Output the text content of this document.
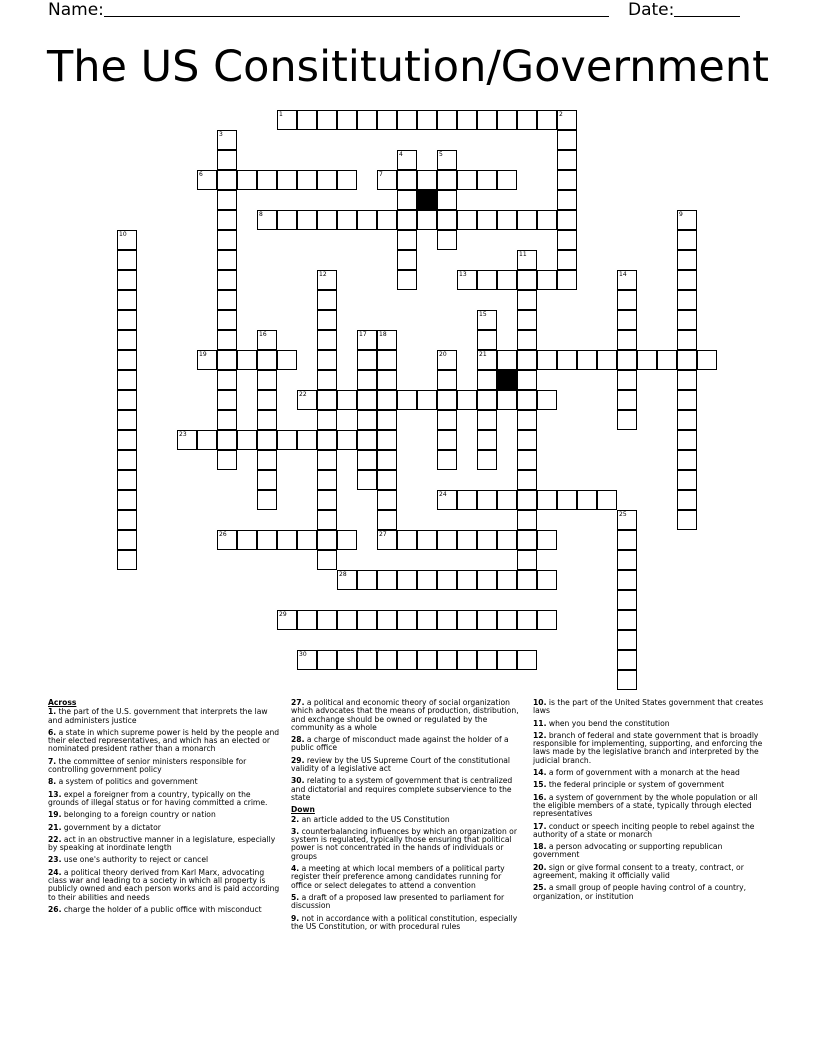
Name:	Date:
The US Consititution/Government
1	2
3
4	5
6	7
8	9
10
11
12	13	14
15
21
16	17 18
27
19	20
22
23
24
25
26
28
29
30
Across
1. the part of the U.S. government that interprets the law and administers justice
6. a state in which supreme power is held by the people and their elected representatives, and which has an elected or nominated president rather than a monarch
7. the committee of senior ministers responsible for controlling government policy
8. a system of politics and government
13. expel a foreigner from a country, typically on the grounds of illegal status or for having committed a crime.
19. belonging to a foreign country or nation
21. government by a dictator
22. act in an obstructive manner in a legislature, especially by speaking at inordinate length
23. use one's authority to reject or cancel
24. a political theory derived from Karl Marx, advocating class war and leading to a society in which all property is publicly owned and each person works and is paid according to their abilities and needs
26. charge the holder of a public office with misconduct
27. a political and economic theory of social organization which advocates that the means of production, distribution, and exchange should be owned or regulated by the community as a whole
28. a charge of misconduct made against the holder of a public office
29. review by the US Supreme Court of the constitutional validity of a legislative act
30. relating to a system of government that is centralized and dictatorial and requires complete subservience to the state
Down
2. an article added to the US Constitution
3. counterbalancing influences by which an organization or system is regulated, typically those ensuring that political power is not concentrated in the hands of individuals or groups
4. a meeting at which local members of a political party register their preference among candidates running for office or select delegates to attend a convention
5. a draft of a proposed law presented to parliament for discussion
9. not in accordance with a political constitution, especially the US Constitution, or with procedural rules
10. is the part of the United States government that creates laws
11. when you bend the constitution
12. branch of federal and state government that is broadly responsible for implementing, supporting, and enforcing the laws made by the legislative branch and interpreted by the judicial branch.
14. a form of government with a monarch at the head
15. the federal principle or system of government
16. a system of government by the whole population or all the eligible members of a state, typically through elected representatives
17. conduct or speech inciting people to rebel against the authority of a state or monarch
18. a person advocating or supporting republican government
20. sign or give formal consent to a treaty, contract, or agreement, making it officially valid
25. a small group of people having control of a country, organization, or institution
